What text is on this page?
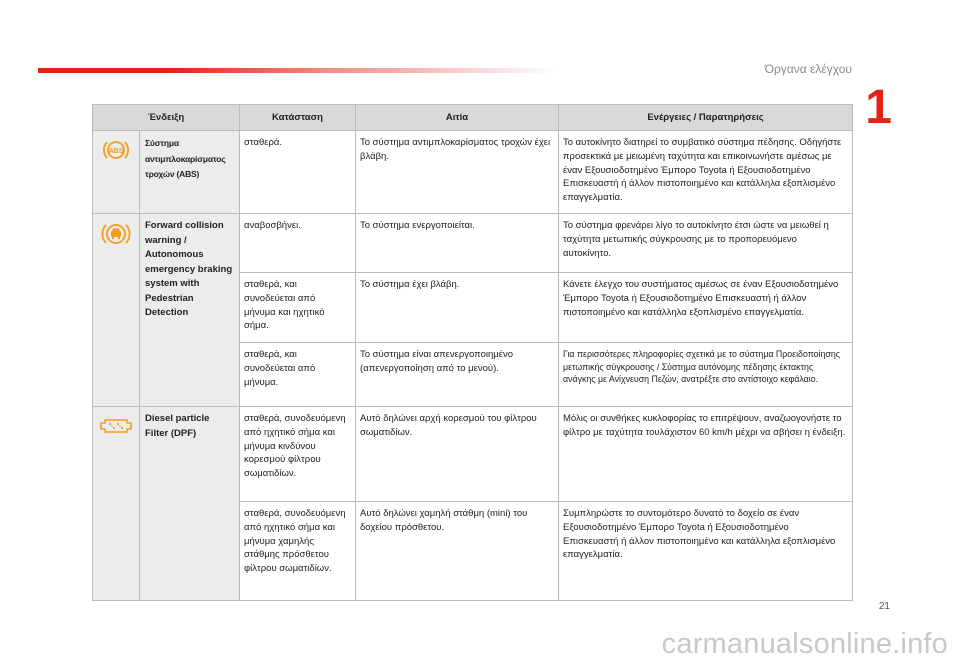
Όργανα ελέγχου
1
Ένδειξη		Κατάσταση	Αιτία	Ενέργειες / Παρατηρήσεις

ABS	Σύστημα αντιμπλοκαρίσματος τροχών (ABS)	σταθερά.	Το σύστημα αντιμπλοκαρίσματος τροχών έχει βλάβη.	Το αυτοκίνητο διατηρεί το συμβατικό σύστημα πέδησης. Οδηγήστε προσεκτικά με μειωμένη ταχύτητα και επικοινωνήστε αμέσως με έναν Εξουσιοδοτημένο Έμπορο Toyota ή Εξουσιοδοτημένο Επισκευαστή ή άλλον πιστοποιημένο και κατάλληλα εξοπλισμένο επαγγελματία.

	Forward collision warning / Autonomous emergency braking system with Pedestrian Detection	αναβοσβήνει.	Το σύστημα ενεργοποιείται.	Το σύστημα φρενάρει λίγο το αυτοκίνητο έτσι ώστε να μειωθεί η ταχύτητα μετωπικής σύγκρουσης με το προπορευόμενο αυτοκίνητο.
		σταθερά, και συνοδεύεται από μήνυμα και ηχητικό σήμα.	Το σύστημα έχει βλάβη.	Κάνετε έλεγχο του συστήματος αμέσως σε έναν Εξουσιοδοτημένο Έμπορο Toyota ή Εξουσιοδοτημένο Επισκευαστή ή άλλον πιστοποιημένο και κατάλληλα εξοπλισμένο επαγγελματία.
		σταθερά, και συνοδεύεται από μήνυμα.	Το σύστημα είναι απενεργοποιημένο (απενεργοποίηση από το μενού).	Για περισσότερες πληροφορίες σχετικά με το σύστημα Προειδοποίησης μετωπικής σύγκρουσης / Σύστημα αυτόνομης πέδησης έκτακτης ανάγκης με Ανίχνευση Πεζών, ανατρέξτε στο αντίστοιχο κεφάλαιο.

	Diesel particle Filter (DPF)	σταθερά, συνοδευόμενη από ηχητικό σήμα και μήνυμα κινδύνου κορεσμού φίλτρου σωματιδίων.	Αυτό δηλώνει αρχή κορεσμού του φίλτρου σωματιδίων.	Μόλις οι συνθήκες κυκλοφορίας το επιτρέψουν, αναζωογονήστε το φίλτρο με ταχύτητα τουλάχιστον 60 km/h μέχρι να σβήσει η ένδειξη.
		σταθερά, συνοδευόμενη από ηχητικό σήμα και μήνυμα χαμηλής στάθμης πρόσθετου φίλτρου σωματιδίων.	Αυτό δηλώνει χαμηλή στάθμη (mini) του δοχείου πρόσθετου.	Συμπληρώστε το συντομότερο δυνατό το δοχείο σε έναν Εξουσιοδοτημένο Έμπορο Toyota ή Εξουσιοδοτημένο Επισκευαστή ή άλλον πιστοποιημένο και κατάλληλα εξοπλισμένο επαγγελματία.
21
carmanualsonline.info
